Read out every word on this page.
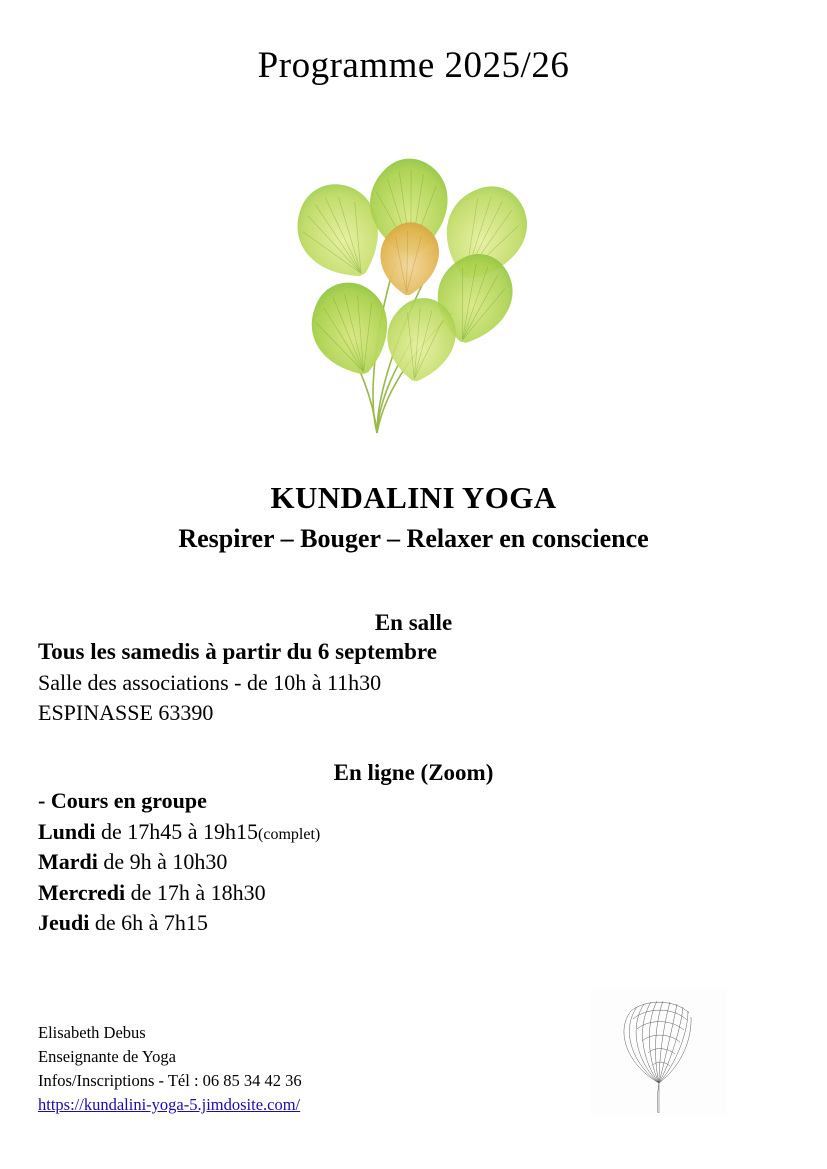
Programme 2025/26
KUNDALINI YOGA
Respirer – Bouger – Relaxer en conscience
En salle
Tous les samedis à partir du 6 septembre
Salle des associations - de 10h à 11h30
ESPINASSE 63390
En ligne (Zoom)
- Cours en groupe
Lundi de 17h45 à 19h15(complet)
Mardi de 9h à 10h30
Mercredi de 17h à 18h30
Jeudi de 6h à 7h15
Elisabeth Debus
Enseignante de Yoga
Infos/Inscriptions - Tél : 06 85 34 42 36
https://kundalini-yoga-5.jimdosite.com/
